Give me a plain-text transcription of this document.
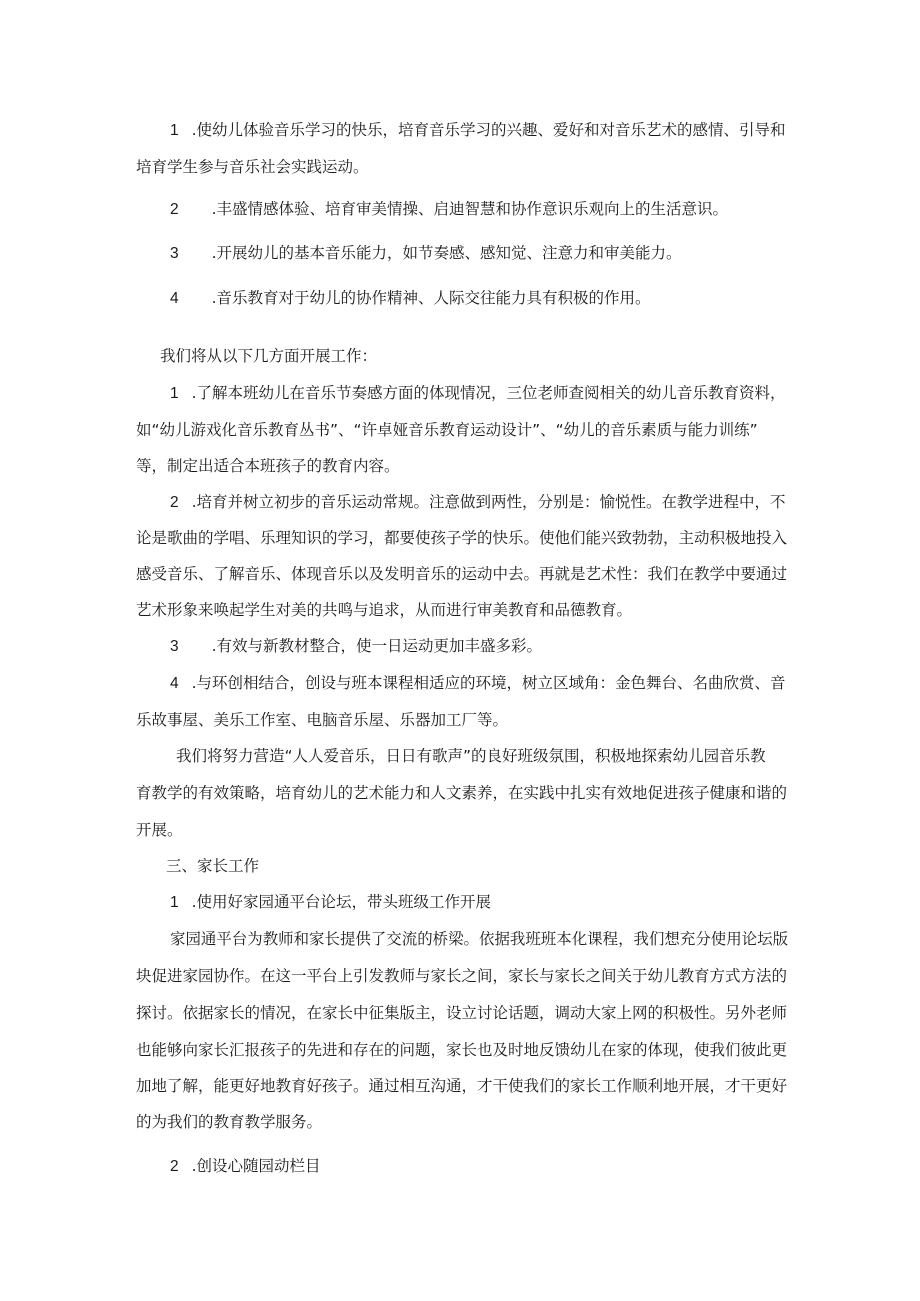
1 .使幼儿体验音乐学习的快乐，培育音乐学习的兴趣、爱好和对音乐艺术的感情、引导和
培育学生参与音乐社会实践运动。
2 .丰盛情感体验、培育审美情操、启迪智慧和协作意识乐观向上的生活意识。
3 .开展幼儿的基本音乐能力，如节奏感、感知觉、注意力和审美能力。
4 .音乐教育对于幼儿的协作精神、人际交往能力具有积极的作用。
我们将从以下几方面开展工作：
1 .了解本班幼儿在音乐节奏感方面的体现情况，三位老师查阅相关的幼儿音乐教育资料，
如“幼儿游戏化音乐教育丛书”、“许卓娅音乐教育运动设计”、“幼儿的音乐素质与能力训练”
等，制定出适合本班孩子的教育内容。
2 .培育并树立初步的音乐运动常规。注意做到两性，分别是：愉悦性。在教学进程中，不
论是歌曲的学唱、乐理知识的学习，都要使孩子学的快乐。使他们能兴致勃勃，主动积极地投入
感受音乐、了解音乐、体现音乐以及发明音乐的运动中去。再就是艺术性：我们在教学中要通过
艺术形象来唤起学生对美的共鸣与追求，从而进行审美教育和品德教育。
3 .有效与新教材整合，使一日运动更加丰盛多彩。
4 .与环创相结合，创设与班本课程相适应的环境，树立区域角：金色舞台、名曲欣赏、音
乐故事屋、美乐工作室、电脑音乐屋、乐器加工厂等。
我们将努力营造“人人爱音乐，日日有歌声”的良好班级氛围，积极地探索幼儿园音乐教
育教学的有效策略，培育幼儿的艺术能力和人文素养，在实践中扎实有效地促进孩子健康和谐的
开展。
三、家长工作
1 .使用好家园通平台论坛，带头班级工作开展
家园通平台为教师和家长提供了交流的桥梁。依据我班班本化课程，我们想充分使用论坛版
块促进家园协作。在这一平台上引发教师与家长之间，家长与家长之间关于幼儿教育方式方法的
探讨。依据家长的情况，在家长中征集版主，设立讨论话题，调动大家上网的积极性。另外老师
也能够向家长汇报孩子的先进和存在的问题，家长也及时地反馈幼儿在家的体现，使我们彼此更
加地了解，能更好地教育好孩子。通过相互沟通，才干使我们的家长工作顺利地开展，才干更好
的为我们的教育教学服务。
2 .创设心随园动栏目
